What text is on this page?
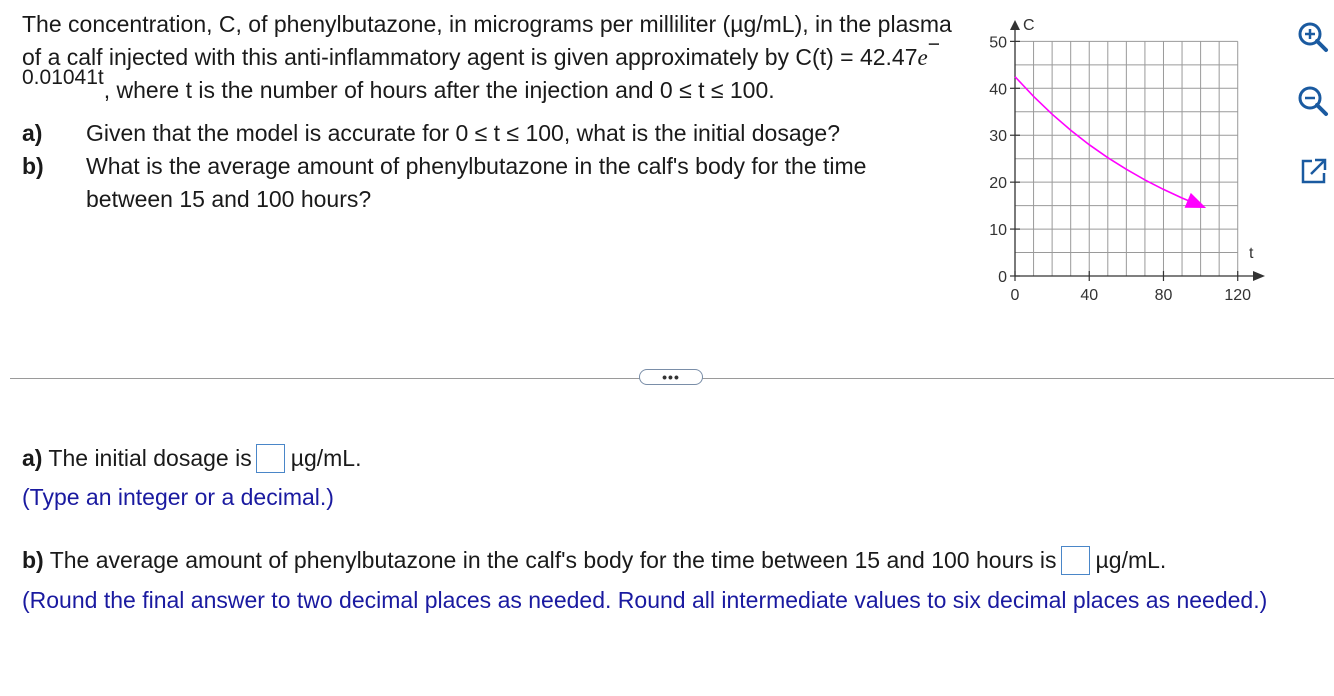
The concentration, C, of phenylbutazone, in micrograms per milliliter (µg/mL), in the plasma of a calf injected with this anti-inflammatory agent is given approximately by $C(t) = 42.47e^{- 0.01041t}$, where t is the number of hours after the injection and 0 ≤ t ≤ 100.

a)	Given that the model is accurate for 0 ≤ t ≤ 100, what is the initial dosage?
b)	What is the average amount of phenylbutazone in the calf's body for the time between 15 and 100 hours?
50
40
30
20
10
0
0	40	80	120
C
t
•••
a) The initial dosage is µg/mL.
(Type an integer or a decimal.)
b) The average amount of phenylbutazone in the calf's body for the time between 15 and 100 hours is µg/mL.
(Round the final answer to two decimal places as needed. Round all intermediate values to six decimal places as needed.)
